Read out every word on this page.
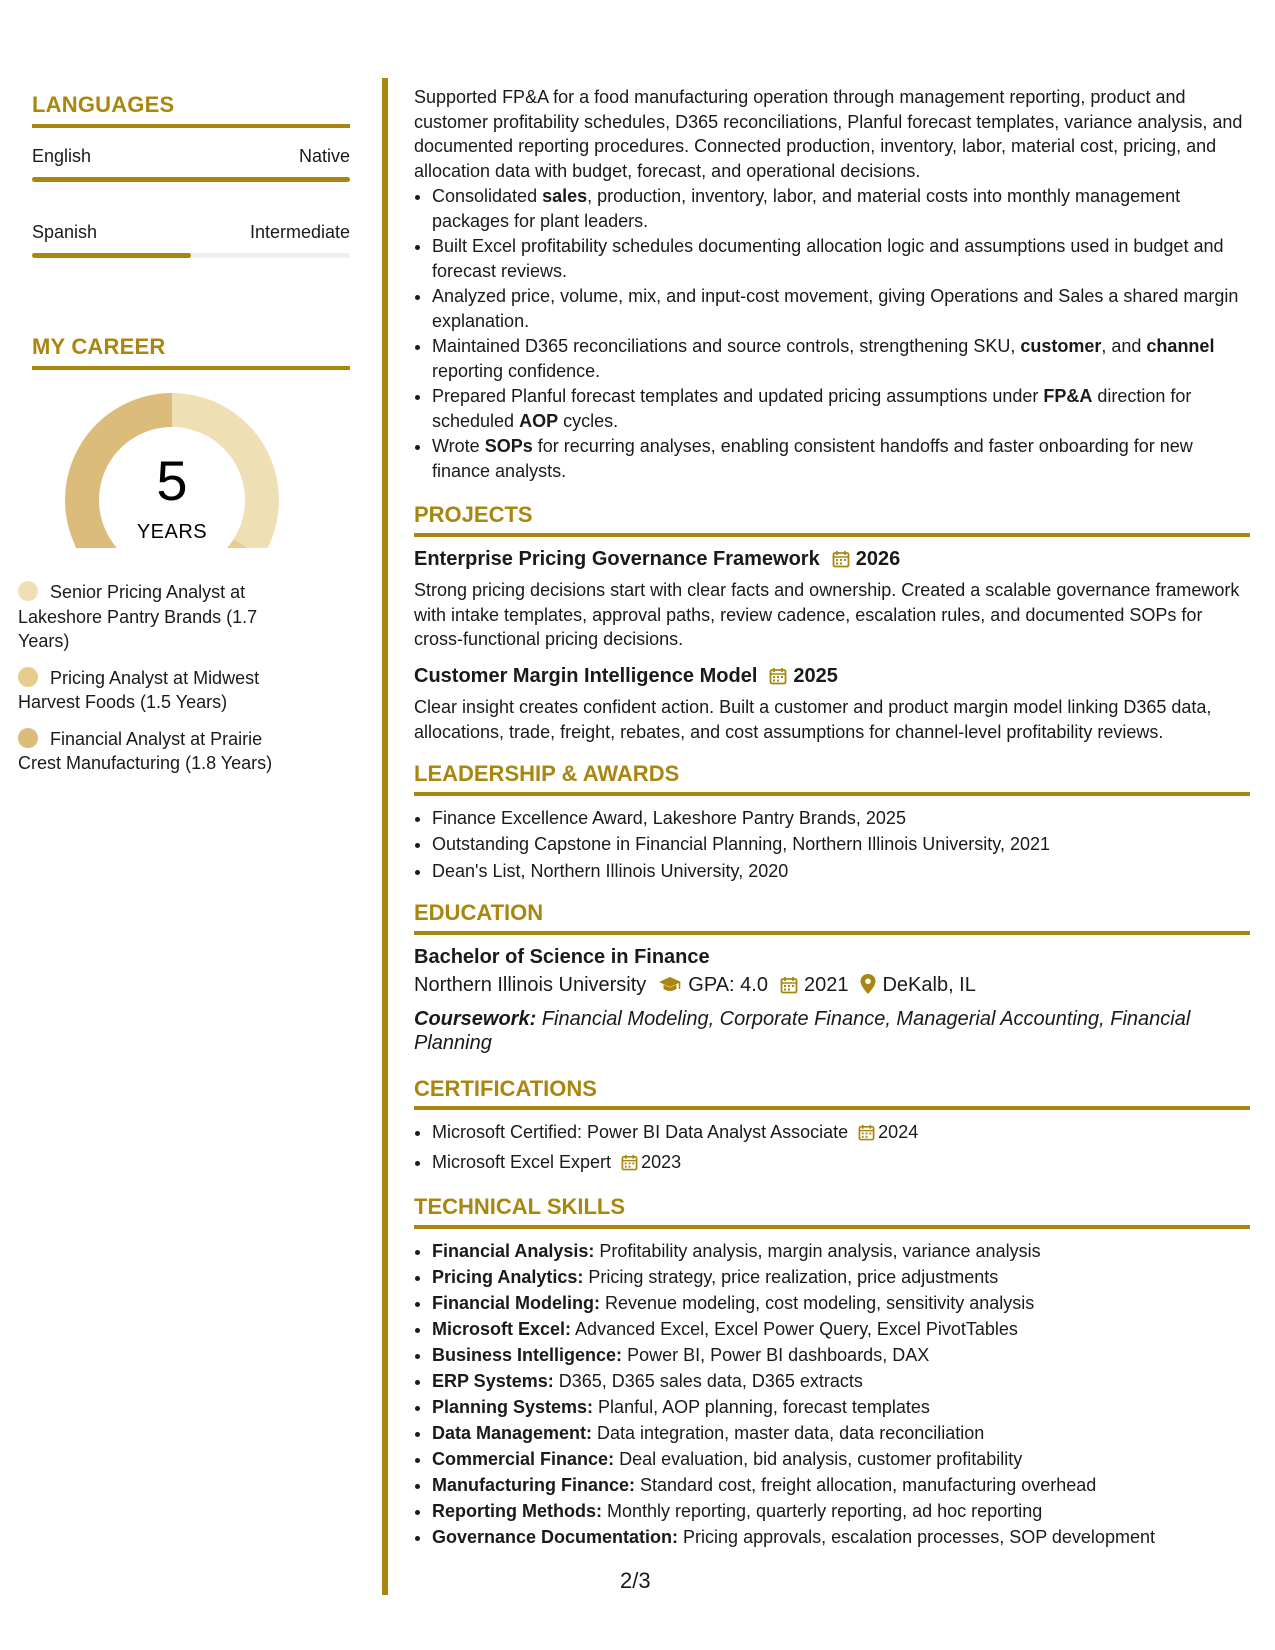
LANGUAGES
English	Native
Spanish	Intermediate
MY CAREER
5
YEARS
Senior Pricing Analyst at Lakeshore Pantry Brands (1.7 Years)
Pricing Analyst at Midwest Harvest Foods (1.5 Years)
Financial Analyst at Prairie Crest Manufacturing (1.8 Years)

Supported FP&A for a food manufacturing operation through management reporting, product and customer profitability schedules, D365 reconciliations, Planful forecast templates, variance analysis, and documented reporting procedures. Connected production, inventory, labor, material cost, pricing, and allocation data with budget, forecast, and operational decisions.

• Consolidated sales, production, inventory, labor, and material costs into monthly management packages for plant leaders.
• Built Excel profitability schedules documenting allocation logic and assumptions used in budget and forecast reviews.
• Analyzed price, volume, mix, and input-cost movement, giving Operations and Sales a shared margin explanation.
• Maintained D365 reconciliations and source controls, strengthening SKU, customer, and channel reporting confidence.
• Prepared Planful forecast templates and updated pricing assumptions under FP&A direction for scheduled AOP cycles.
• Wrote SOPs for recurring analyses, enabling consistent handoffs and faster onboarding for new finance analysts.
PROJECTS
Enterprise Pricing Governance Framework 2026

Strong pricing decisions start with clear facts and ownership. Created a scalable governance framework with intake templates, approval paths, review cadence, escalation rules, and documented SOPs for cross-functional pricing decisions.

Customer Margin Intelligence Model 2025

Clear insight creates confident action. Built a customer and product margin model linking D365 data, allocations, trade, freight, rebates, and cost assumptions for channel-level profitability reviews.

LEADERSHIP & AWARDS
• Finance Excellence Award, Lakeshore Pantry Brands, 2025
• Outstanding Capstone in Financial Planning, Northern Illinois University, 2021
• Dean's List, Northern Illinois University, 2020
EDUCATION
Bachelor of Science in Finance
Northern Illinois University GPA: 4.0 2021 DeKalb, IL
Coursework: Financial Modeling, Corporate Finance, Managerial Accounting, Financial Planning
CERTIFICATIONS
• Microsoft Certified: Power BI Data Analyst Associate 2024
• Microsoft Excel Expert 2023
TECHNICAL SKILLS
• Financial Analysis: Profitability analysis, margin analysis, variance analysis
• Pricing Analytics: Pricing strategy, price realization, price adjustments
• Financial Modeling: Revenue modeling, cost modeling, sensitivity analysis
• Microsoft Excel: Advanced Excel, Excel Power Query, Excel PivotTables
• Business Intelligence: Power BI, Power BI dashboards, DAX
• ERP Systems: D365, D365 sales data, D365 extracts
• Planning Systems: Planful, AOP planning, forecast templates
• Data Management: Data integration, master data, data reconciliation
• Commercial Finance: Deal evaluation, bid analysis, customer profitability
• Manufacturing Finance: Standard cost, freight allocation, manufacturing overhead
• Reporting Methods: Monthly reporting, quarterly reporting, ad hoc reporting
• Governance Documentation: Pricing approvals, escalation processes, SOP development
2/3
